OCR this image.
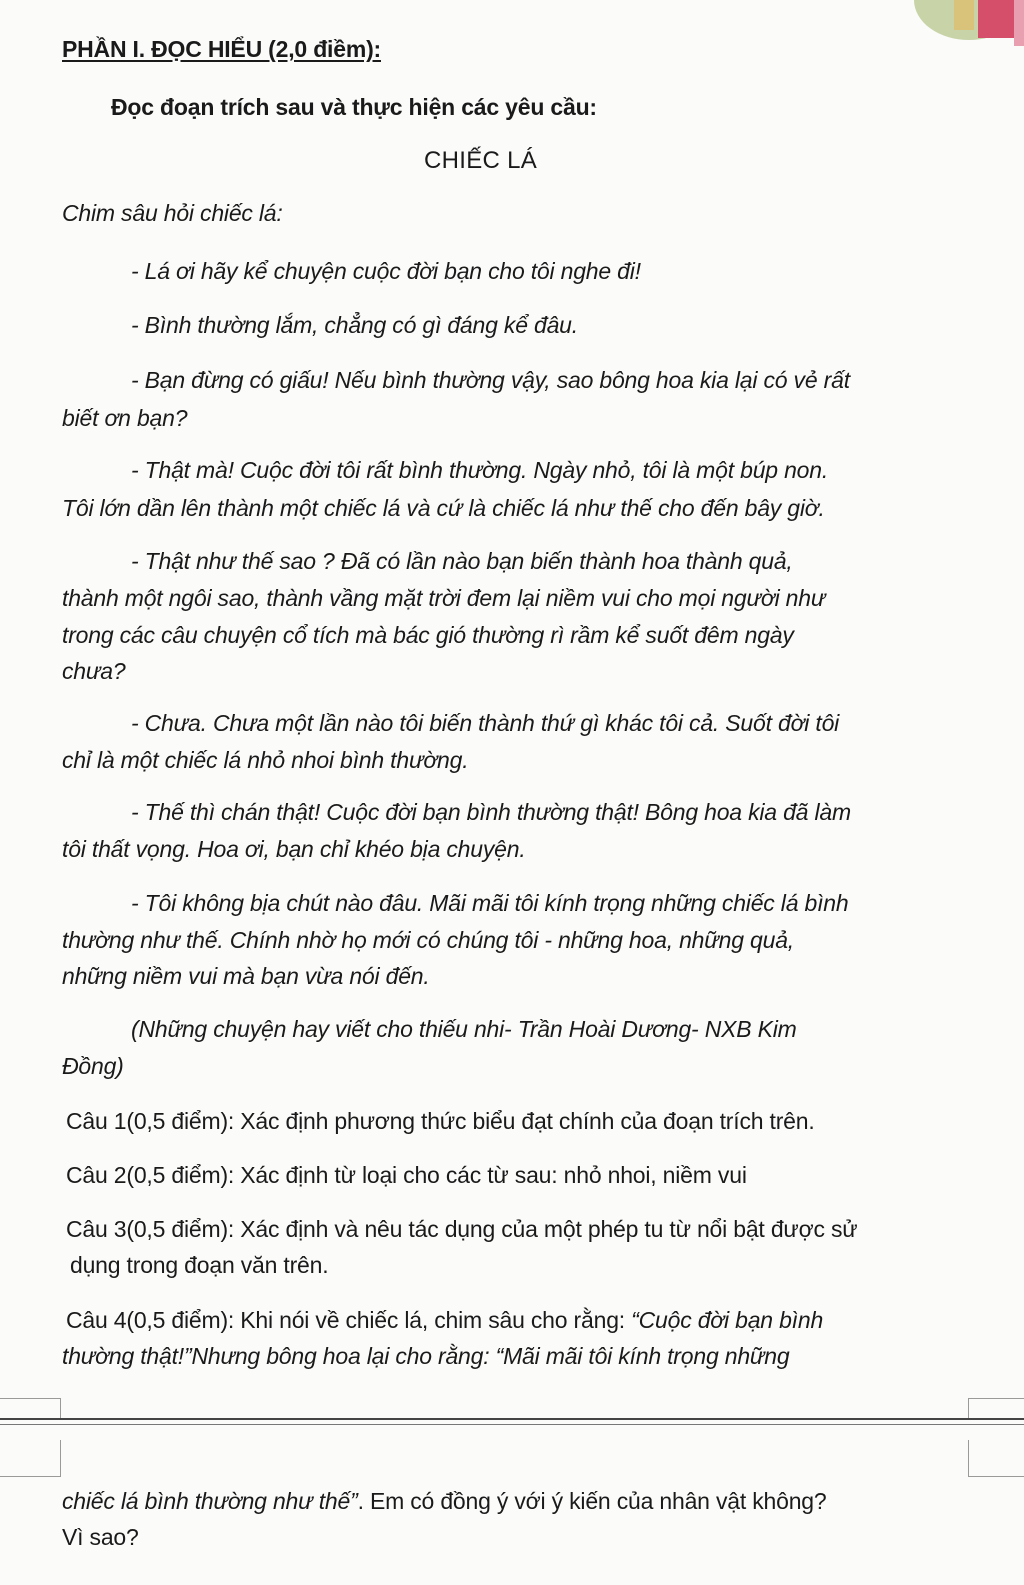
PHẦN I. ĐỌC HIỂU (2,0 điềm):
Đọc đoạn trích sau và thực hiện các yêu cầu:
CHIẾC LÁ
Chim sâu hỏi chiếc lá:
- Lá ơi hãy kể chuyện cuộc đời bạn cho tôi nghe đi!
- Bình thường lắm, chẳng có gì đáng kể đâu.
- Bạn đừng có giấu! Nếu bình thường vậy, sao bông hoa kia lại có vẻ rất
biết ơn bạn?
- Thật mà! Cuộc đời tôi rất bình thường. Ngày nhỏ, tôi là một búp non.
Tôi lớn dần lên thành một chiếc lá và cứ là chiếc lá như thế cho đến bây giờ.
- Thật như thế sao ? Đã có lần nào bạn biến thành hoa thành quả,
thành một ngôi sao, thành vầng mặt trời đem lại niềm vui cho mọi người như
trong các câu chuyện cổ tích mà bác gió thường rì rầm kể suốt đêm ngày
chưa?
- Chưa. Chưa một lần nào tôi biến thành thứ gì khác tôi cả. Suốt đời tôi
chỉ là một chiếc lá nhỏ nhoi bình thường.
- Thế thì chán thật! Cuộc đời bạn bình thường thật! Bông hoa kia đã làm
tôi thất vọng. Hoa ơi, bạn chỉ khéo bịa chuyện.
- Tôi không bịa chút nào đâu. Mãi mãi tôi kính trọng những chiếc lá bình
thường như thế. Chính nhờ họ mới có chúng tôi - những hoa, những quả,
những niềm vui mà bạn vừa nói đến.
(Những chuyện hay viết cho thiếu nhi- Trần Hoài Dương- NXB Kim
Đồng)
Câu 1(0,5 điểm): Xác định phương thức biểu đạt chính của đoạn trích trên.
Câu 2(0,5 điểm): Xác định từ loại cho các từ sau: nhỏ nhoi, niềm vui
Câu 3(0,5 điểm): Xác định và nêu tác dụng của một phép tu từ nổi bật được sử
dụng trong đoạn văn trên.
Câu 4(0,5 điểm): Khi nói về chiếc lá, chim sâu cho rằng: “Cuộc đời bạn bình
thường thật!”Nhưng bông hoa lại cho rằng: “Mãi mãi tôi kính trọng những
chiếc lá bình thường như thế”. Em có đồng ý với ý kiến của nhân vật không?
Vì sao?
